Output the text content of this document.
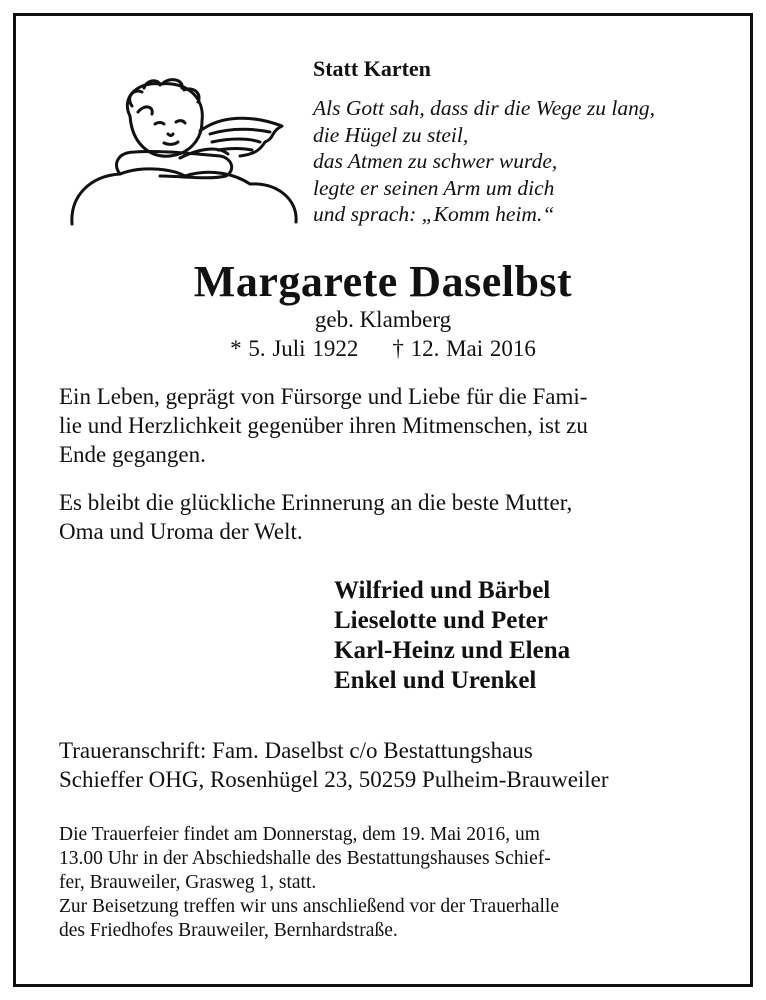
Statt Karten
Als Gott sah, dass dir die Wege zu lang,
die Hügel zu steil,
das Atmen zu schwer wurde,
legte er seinen Arm um dich
und sprach: „Komm heim.“
Margarete Daselbst
geb. Klamberg
* 5. Juli 1922 † 12. Mai 2016
Ein Leben, geprägt von Fürsorge und Liebe für die Fami-
lie und Herzlichkeit gegenüber ihren Mitmenschen, ist zu
Ende gegangen.
Es bleibt die glückliche Erinnerung an die beste Mutter,
Oma und Uroma der Welt.
Wilfried und Bärbel
Lieselotte und Peter
Karl-Heinz und Elena
Enkel und Urenkel
Traueranschrift: Fam. Daselbst c/o Bestattungshaus
Schieffer OHG, Rosenhügel 23, 50259 Pulheim-Brauweiler
Die Trauerfeier findet am Donnerstag, dem 19. Mai 2016, um
13.00 Uhr in der Abschiedshalle des Bestattungshauses Schief-
fer, Brauweiler, Grasweg 1, statt.
Zur Beisetzung treffen wir uns anschließend vor der Trauerhalle
des Friedhofes Brauweiler, Bernhardstraße.
